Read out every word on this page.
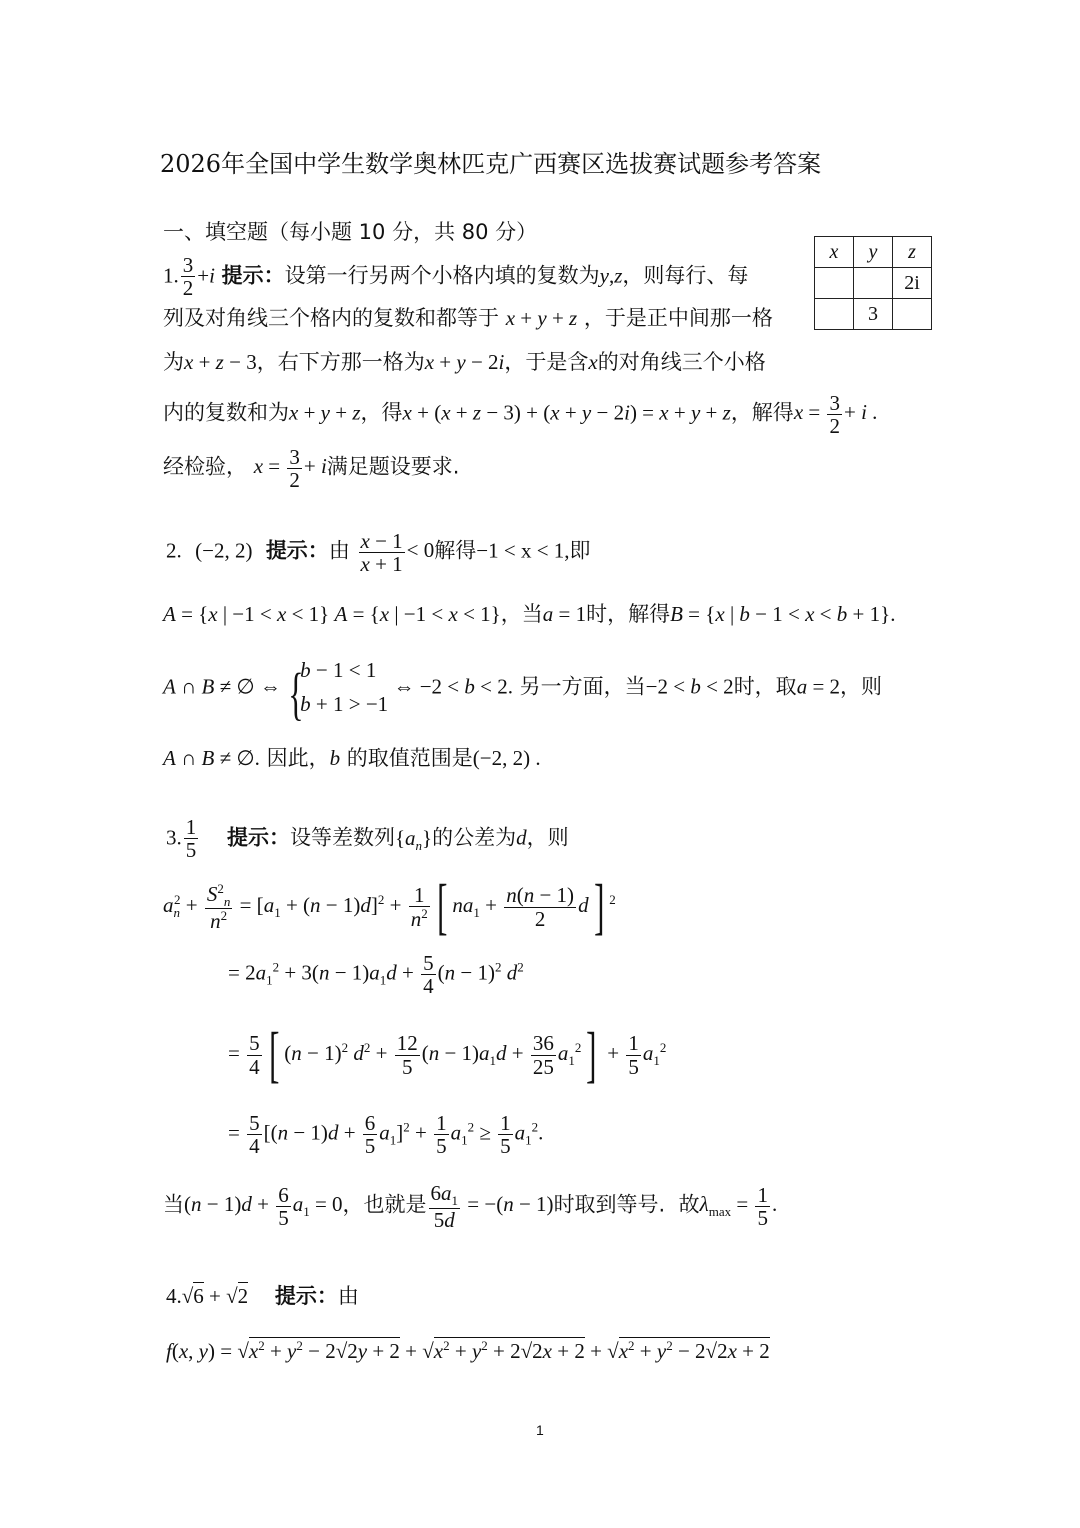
2026年全国中学生数学奥林匹克广西赛区选拔赛试题参考答案
一、填空题（每小题 10 分，共 80 分）
x	y	z
		2i
	3	
1. $\frac{3}{2} +i$ 提示：设第一行另两个小格内填的复数为y,z，则每行、每
列及对角线三个格内的复数和都等于 x + y + z ，于是正中间那一格
为x + z − 3，右下方那一格为x + y − 2i，于是含x的对角线三个小格
内的复数和为x + y + z，得x + (x + z − 3) + (x + y − 2i) = x + y + z，解得$x = \frac{3}{2} + i$ .
经检验， $x = \frac{3}{2} + i$满足题设要求.
2. (−2, 2) 提示：由 $\frac{x - 1}{x + 1} < 0$解得−1 < x < 1,即
A = {x | −1 < x < 1} A = {x | −1 < x < 1}，当a = 1时，解得B = {x | b − 1 < x < b + 1}.
A ∩ B ≠ ∅ ⇔
{ b − 1 < 1
b + 1 > −1
⇔ −2 < b < 2. 另一方面，当−2 < b < 2时，取a = 2，则
A ∩ B ≠ ∅. 因此，b 的取值范围是(−2, 2) .
3. $\frac{1}{5}$ 提示：设等差数列$\{a_n\}$的公差为d，则
$a_n^2 + \frac{S^2_n}{n^2} = [a_1 + (n - 1)d]^2 + \frac{1}{n^2}$ [ $na_1 + \frac{n(n - 1)}{2} d$] $^2$
= $2a_1^2 + 3(n - 1)a_1d + \frac{5}{4} (n - 1)^2$ $d^2$
= $\frac{5}{4}$ [ $(n - 1)^2$ $d^2 + \frac{12}{5} (n - 1)a_1d + \frac{36}{25} a_1^2] + \frac{1}{5} a_1^2$
= $\frac{5}{4} [(n - 1)d + \frac{6}{5} a_1]^2 + \frac{1}{5} a_1^2 \ge \frac{1}{5} a_1^2$.
当$(n - 1)d + \frac{6}{5} a_1 = 0$，也就是 $\frac{6a_1}{5d} = -(n - 1)$时取到等号. 故$\lambda_{max} = \frac{1}{5}$ .
4.√6 + √2 提示：由
f(x, $y) = √x^2 + y^2 - 2√2y + 2 + √x^2 + y^2 + 2√2x + 2 + √x^2 + y^2 - 2√2x + 2$
1
